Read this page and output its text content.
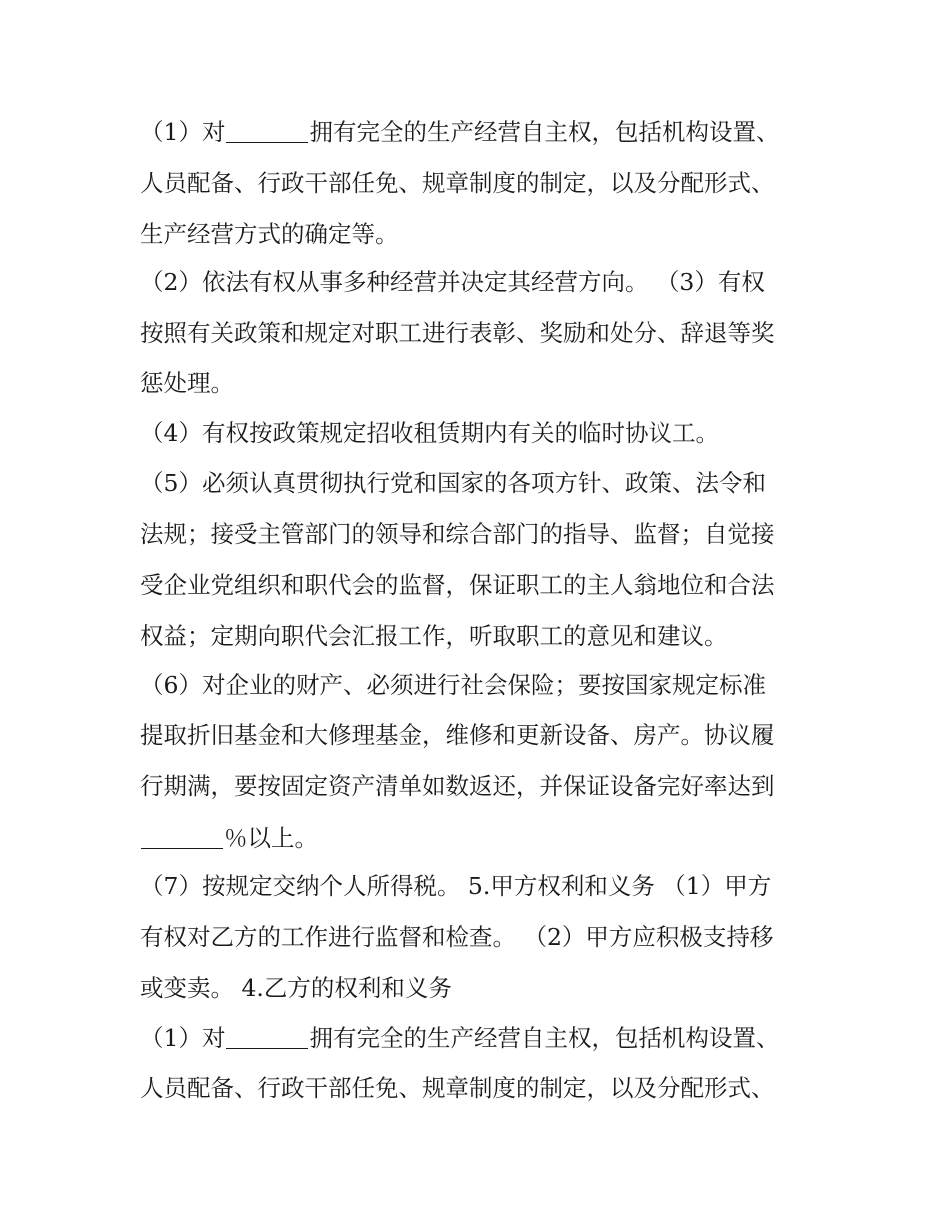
（1）对	拥有完全的生产经营自主权，包括机构设置、
人员配备、行政干部任免、规章制度的制定，以及分配形式、
生产经营方式的确定等。
（2）依法有权从事多种经营并决定其经营方向。 （3）有权
按照有关政策和规定对职工进行表彰、奖励和处分、辞退等奖
惩处理。
（4）有权按政策规定招收租赁期内有关的临时协议工。
（5）必须认真贯彻执行党和国家的各项方针、政策、法令和
法规；接受主管部门的领导和综合部门的指导、监督；自觉接
受企业党组织和职代会的监督，保证职工的主人翁地位和合法
权益；定期向职代会汇报工作，听取职工的意见和建议。
（6）对企业的财产、必须进行社会保险；要按国家规定标准
提取折旧基金和大修理基金，维修和更新设备、房产。协议履
行期满，要按固定资产清单如数返还，并保证设备完好率达到
％以上。
（7）按规定交纳个人所得税。 5.甲方权利和义务 （1）甲方
有权对乙方的工作进行监督和检查。 （2）甲方应积极支持移
或变卖。 4.乙方的权利和义务
（1）对	拥有完全的生产经营自主权，包括机构设置、
人员配备、行政干部任免、规章制度的制定，以及分配形式、
